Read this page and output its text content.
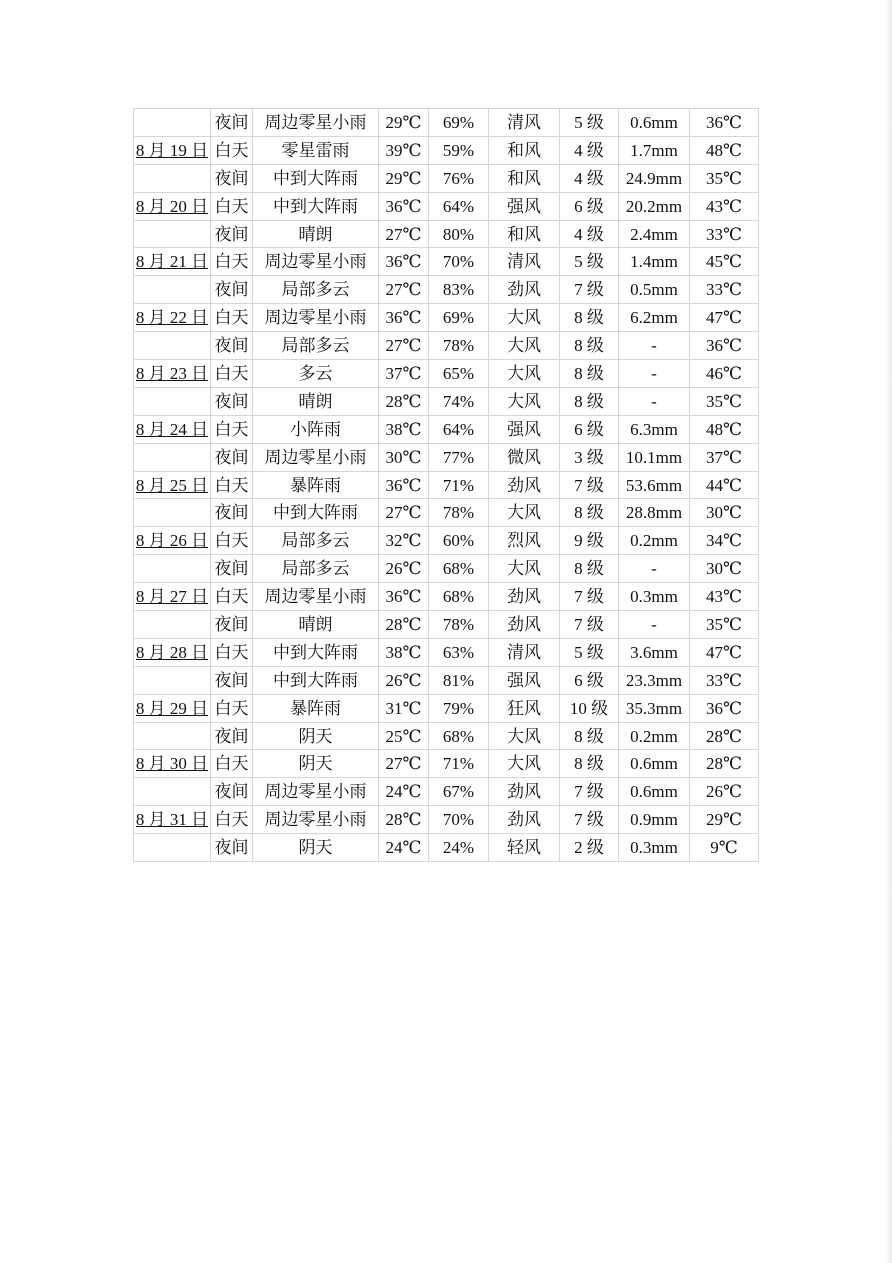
	夜间	周边零星小雨	29℃	69%	清风	5 级	0.6mm	36℃
8 月 19 日	白天	零星雷雨	39℃	59%	和风	4 级	1.7mm	48℃
	夜间	中到大阵雨	29℃	76%	和风	4 级	24.9mm	35℃
8 月 20 日	白天	中到大阵雨	36℃	64%	强风	6 级	20.2mm	43℃
	夜间	晴朗	27℃	80%	和风	4 级	2.4mm	33℃
8 月 21 日	白天	周边零星小雨	36℃	70%	清风	5 级	1.4mm	45℃
	夜间	局部多云	27℃	83%	劲风	7 级	0.5mm	33℃
8 月 22 日	白天	周边零星小雨	36℃	69%	大风	8 级	6.2mm	47℃
	夜间	局部多云	27℃	78%	大风	8 级	-	36℃
8 月 23 日	白天	多云	37℃	65%	大风	8 级	-	46℃
	夜间	晴朗	28℃	74%	大风	8 级	-	35℃
8 月 24 日	白天	小阵雨	38℃	64%	强风	6 级	6.3mm	48℃
	夜间	周边零星小雨	30℃	77%	微风	3 级	10.1mm	37℃
8 月 25 日	白天	暴阵雨	36℃	71%	劲风	7 级	53.6mm	44℃
	夜间	中到大阵雨	27℃	78%	大风	8 级	28.8mm	30℃
8 月 26 日	白天	局部多云	32℃	60%	烈风	9 级	0.2mm	34℃
	夜间	局部多云	26℃	68%	大风	8 级	-	30℃
8 月 27 日	白天	周边零星小雨	36℃	68%	劲风	7 级	0.3mm	43℃
	夜间	晴朗	28℃	78%	劲风	7 级	-	35℃
8 月 28 日	白天	中到大阵雨	38℃	63%	清风	5 级	3.6mm	47℃
	夜间	中到大阵雨	26℃	81%	强风	6 级	23.3mm	33℃
8 月 29 日	白天	暴阵雨	31℃	79%	狂风	10 级	35.3mm	36℃
	夜间	阴天	25℃	68%	大风	8 级	0.2mm	28℃
8 月 30 日	白天	阴天	27℃	71%	大风	8 级	0.6mm	28℃
	夜间	周边零星小雨	24℃	67%	劲风	7 级	0.6mm	26℃
8 月 31 日	白天	周边零星小雨	28℃	70%	劲风	7 级	0.9mm	29℃
	夜间	阴天	24℃	24%	轻风	2 级	0.3mm	9℃
